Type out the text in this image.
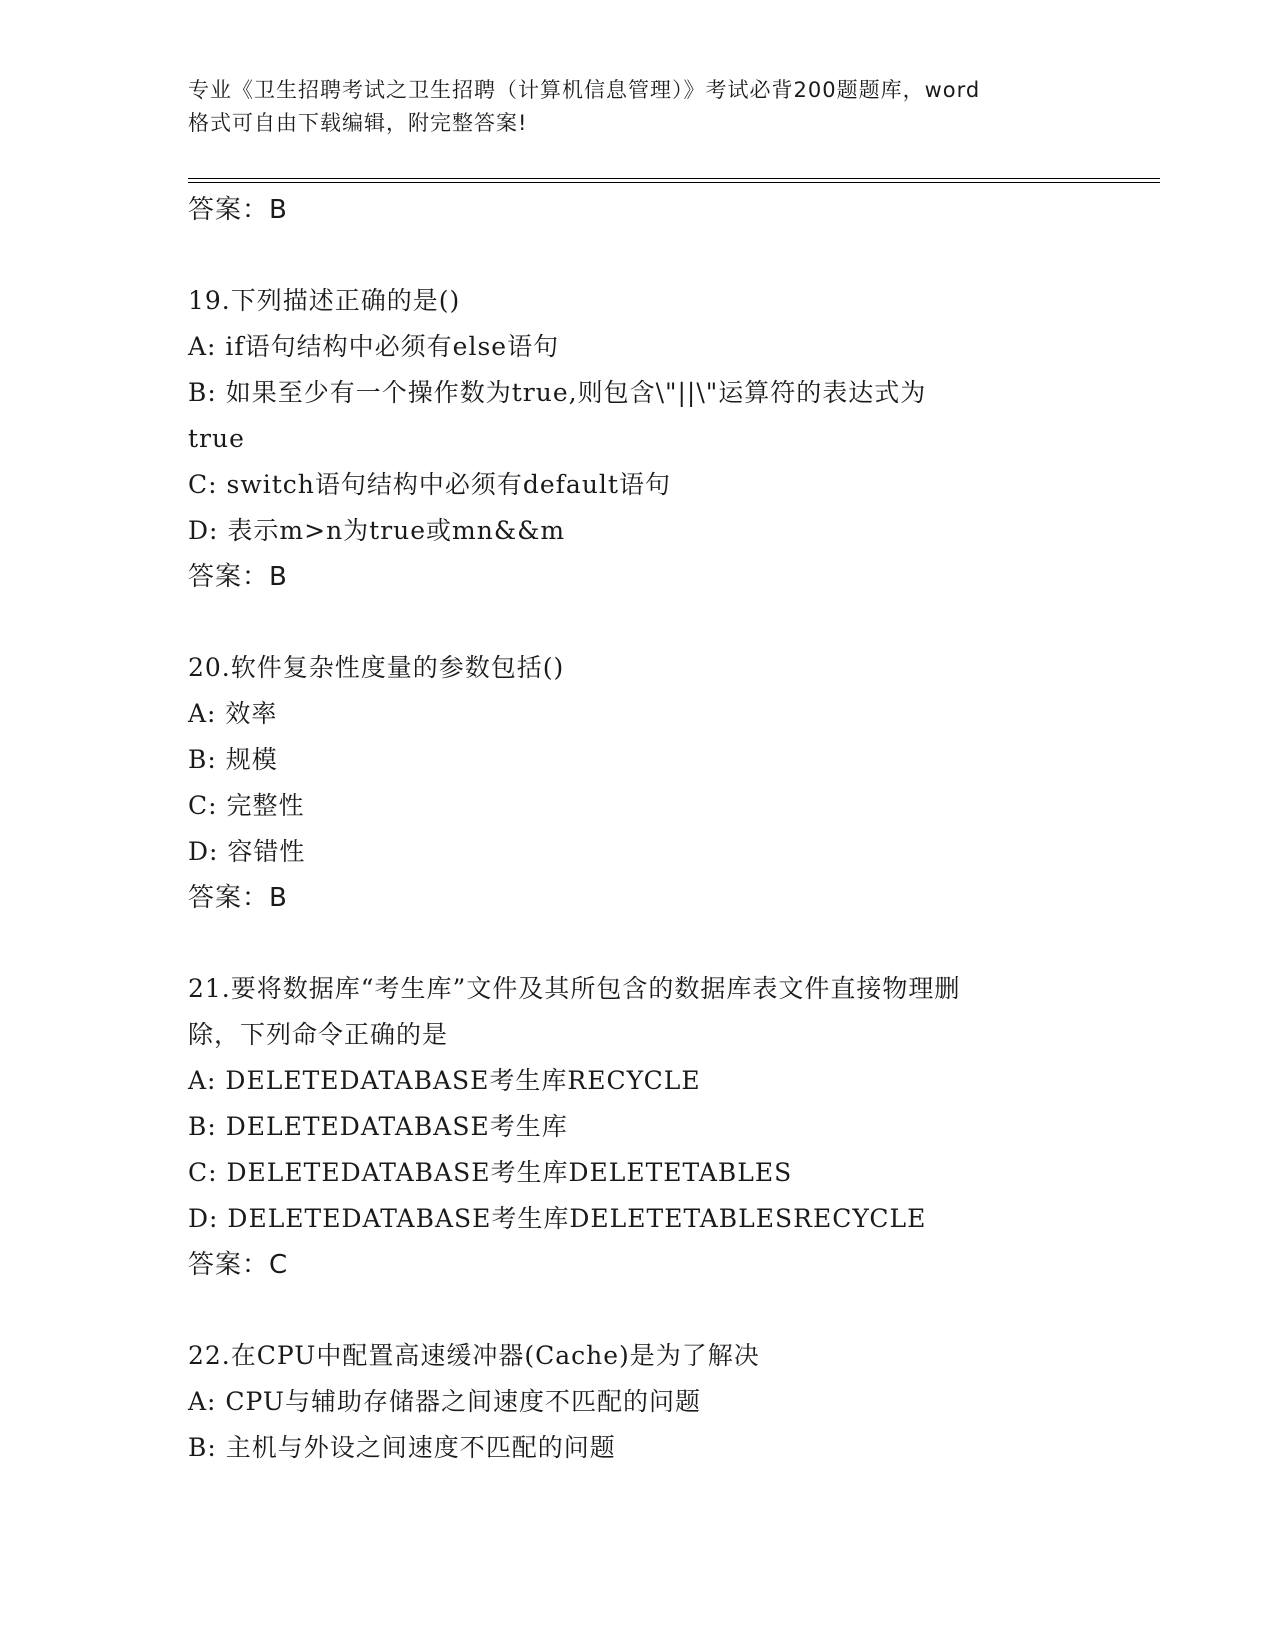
专业《卫生招聘考试之卫生招聘（计算机信息管理）》考试必背200题题库，word
格式可自由下载编辑，附完整答案!
答案：B
19.下列描述正确的是()
A: if语句结构中必须有else语句
B: 如果至少有一个操作数为true,则包含\"||\"运算符的表达式为
true
C: switch语句结构中必须有default语句
D: 表示m>n为true或mn&&m
答案：B
20.软件复杂性度量的参数包括()
A: 效率
B: 规模
C: 完整性
D: 容错性
答案：B
21.要将数据库“考生库”文件及其所包含的数据库表文件直接物理删
除，下列命令正确的是
A: DELETEDATABASE考生库RECYCLE
B: DELETEDATABASE考生库
C: DELETEDATABASE考生库DELETETABLES
D: DELETEDATABASE考生库DELETETABLESRECYCLE
答案：C
22.在CPU中配置高速缓冲器(Cache)是为了解决
A: CPU与辅助存储器之间速度不匹配的问题
B: 主机与外设之间速度不匹配的问题
